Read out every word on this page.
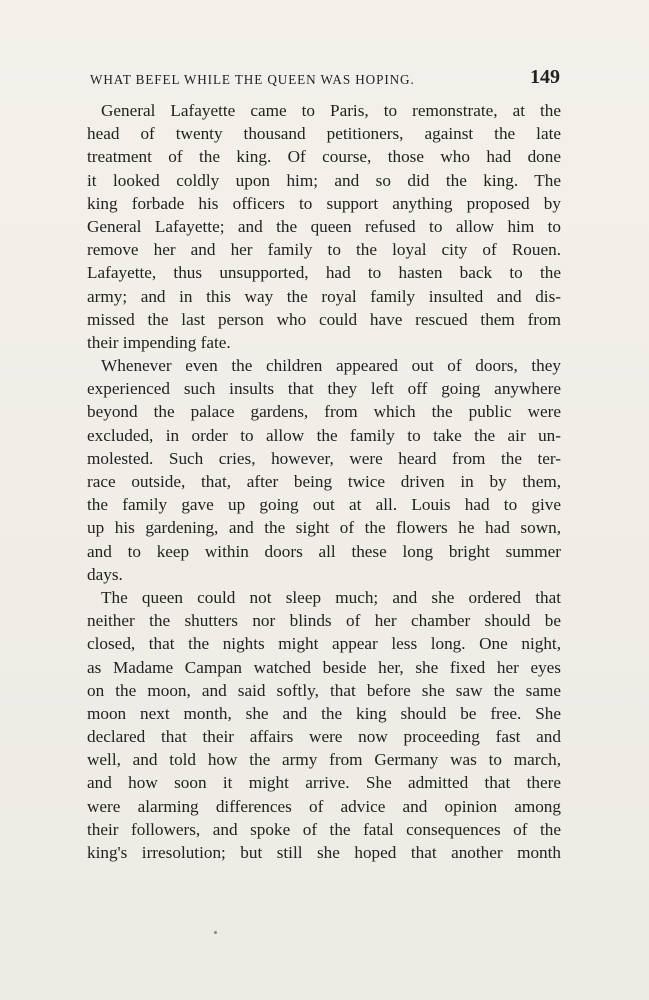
WHAT BEFEL WHILE THE QUEEN WAS HOPING.	149

General Lafayette came to Paris, to remonstrate, at the
head of twenty thousand petitioners, against the late
treatment of the king. Of course, those who had done
it looked coldly upon him; and so did the king. The
king forbade his officers to support anything proposed by
General Lafayette; and the queen refused to allow him to
remove her and her family to the loyal city of Rouen.
Lafayette, thus unsupported, had to hasten back to the
army; and in this way the royal family insulted and dis-
missed the last person who could have rescued them from
their impending fate.

Whenever even the children appeared out of doors, they
experienced such insults that they left off going anywhere
beyond the palace gardens, from which the public were
excluded, in order to allow the family to take the air un-
molested. Such cries, however, were heard from the ter-
race outside, that, after being twice driven in by them,
the family gave up going out at all. Louis had to give
up his gardening, and the sight of the flowers he had sown,
and to keep within doors all these long bright summer
days.

The queen could not sleep much; and she ordered that
neither the shutters nor blinds of her chamber should be
closed, that the nights might appear less long. One night,
as Madame Campan watched beside her, she fixed her eyes
on the moon, and said softly, that before she saw the same
moon next month, she and the king should be free. She
declared that their affairs were now proceeding fast and
well, and told how the army from Germany was to march,
and how soon it might arrive. She admitted that there
were alarming differences of advice and opinion among
their followers, and spoke of the fatal consequences of the
king's irresolution; but still she hoped that another month
